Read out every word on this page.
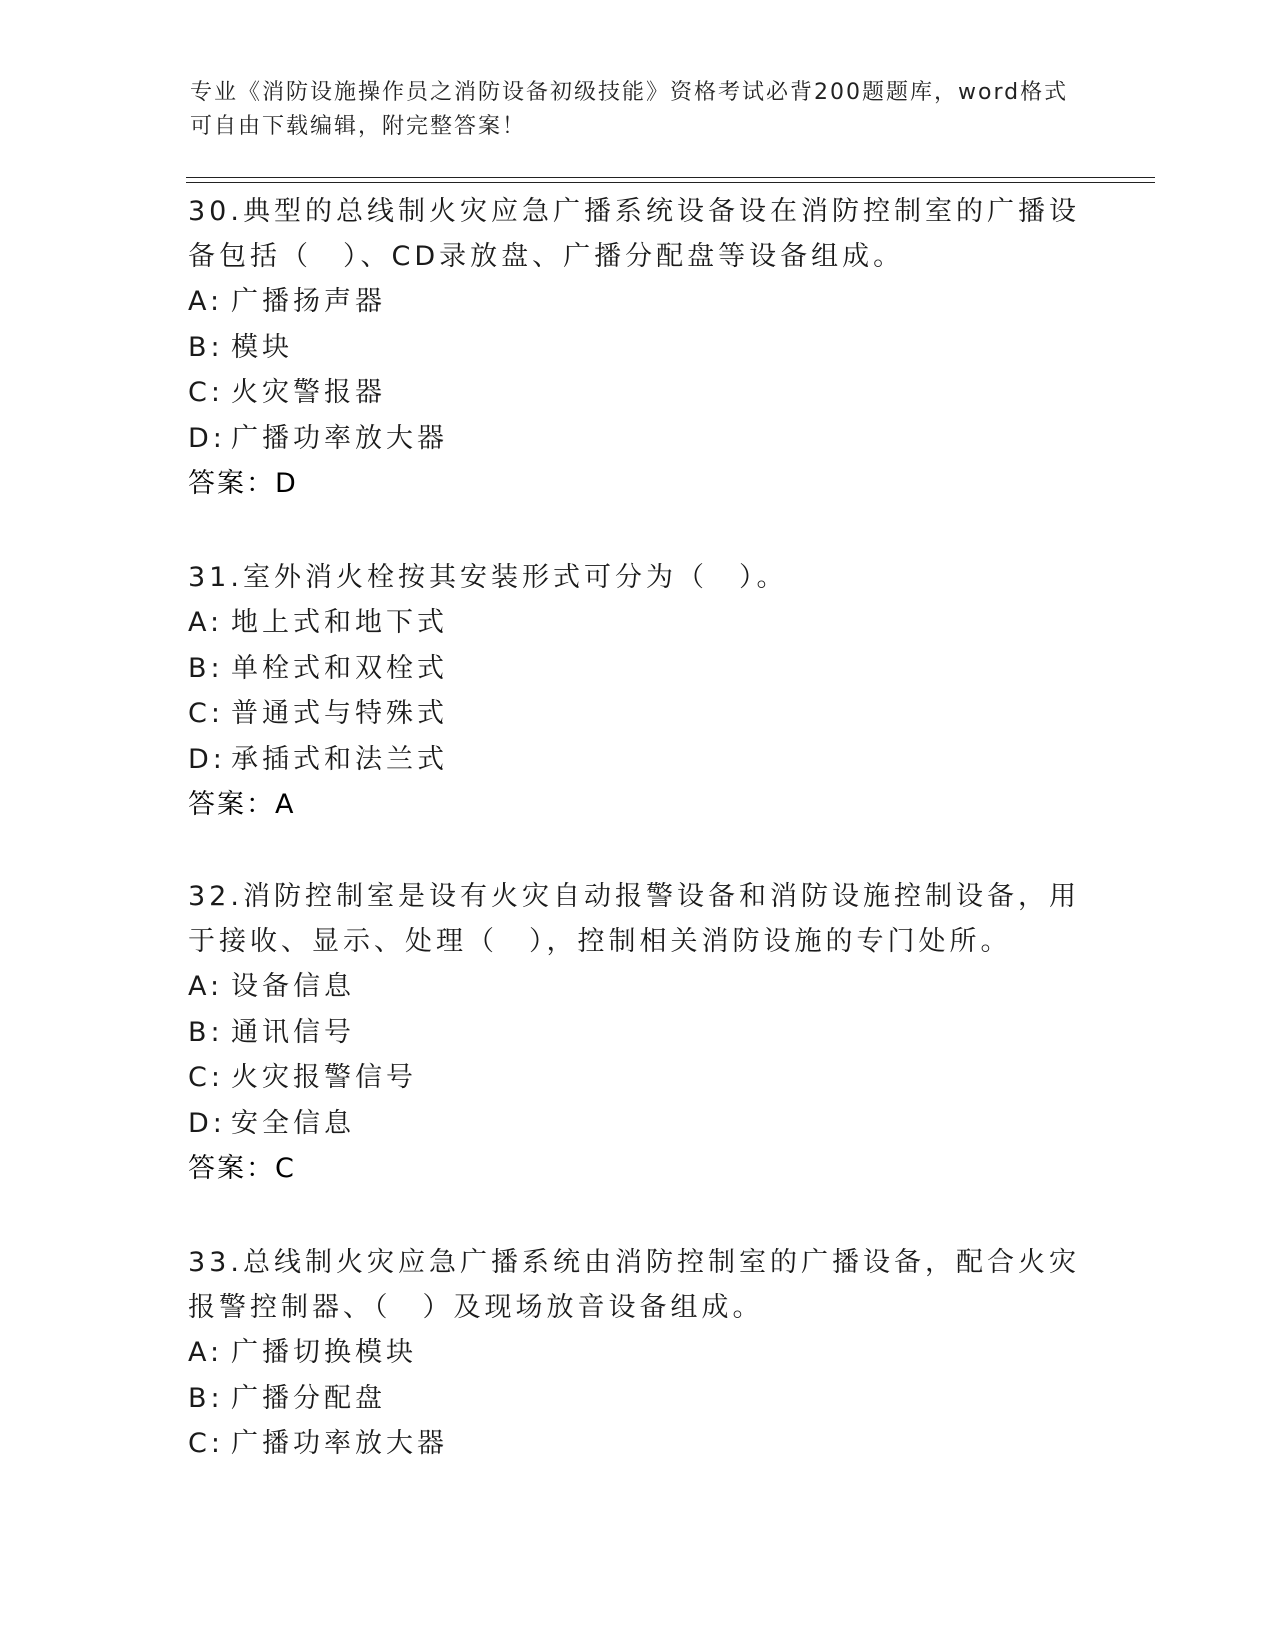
专业《消防设施操作员之消防设备初级技能》资格考试必背200题题库，word格式可自由下载编辑，附完整答案！

30.典型的总线制火灾应急广播系统设备设在消防控制室的广播设备包括（　）、CD录放盘、广播分配盘等设备组成。

A: 广播扬声器

B: 模块

C: 火灾警报器

D: 广播功率放大器

答案：D

31.室外消火栓按其安装形式可分为（　）。

A: 地上式和地下式

B: 单栓式和双栓式

C: 普通式与特殊式

D: 承插式和法兰式

答案：A

32.消防控制室是设有火灾自动报警设备和消防设施控制设备，用于接收、显示、处理（　），控制相关消防设施的专门处所。

A: 设备信息

B: 通讯信号

C: 火灾报警信号

D: 安全信息

答案：C

33.总线制火灾应急广播系统由消防控制室的广播设备，配合火灾报警控制器、（　）及现场放音设备组成。

A: 广播切换模块

B: 广播分配盘

C: 广播功率放大器
